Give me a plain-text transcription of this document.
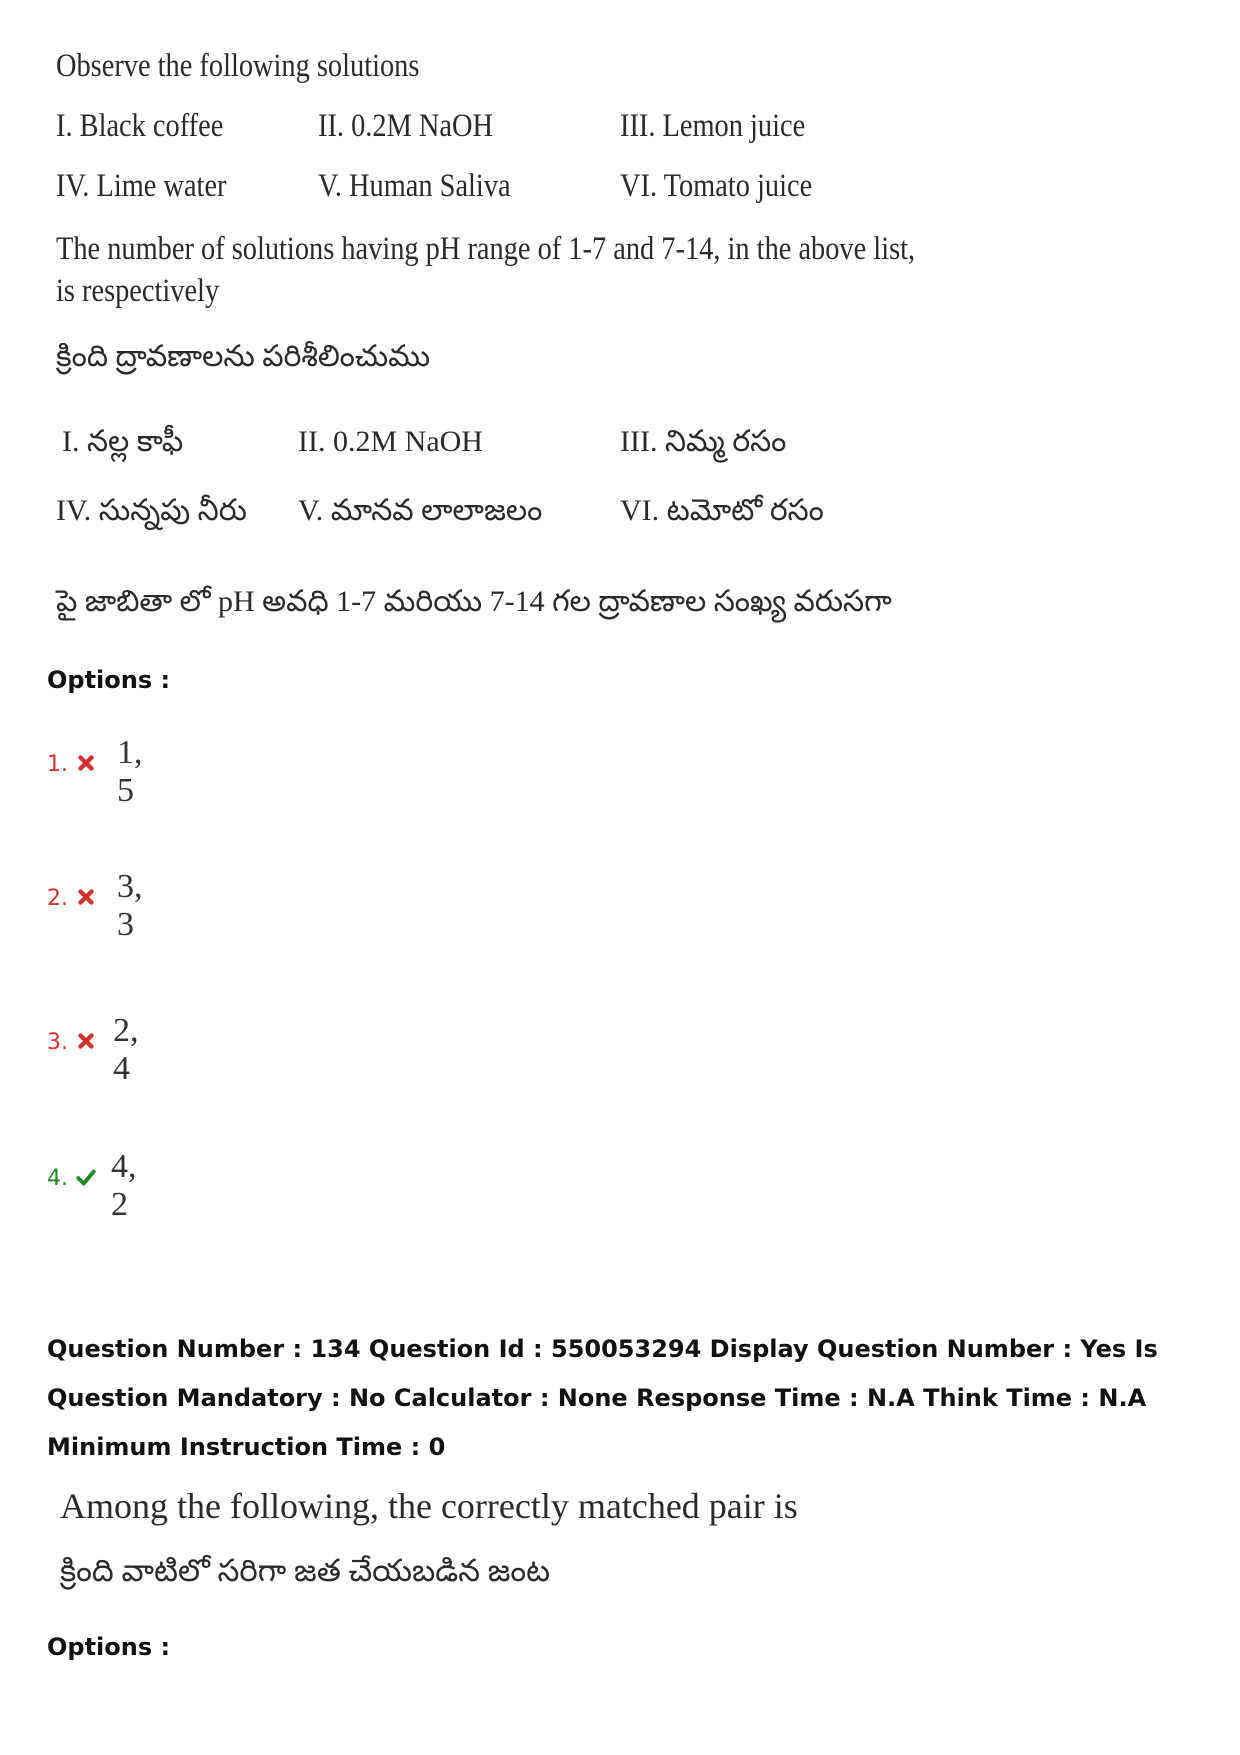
Observe the following solutions
I. Black coffee	II. 0.2M NaOH	III. Lemon juice
IV. Lime water	V. Human Saliva	VI. Tomato juice
The number of solutions having pH range of 1-7 and 7-14, in the above list, is respectively
క్రింది ద్రావణాలను పరిశీలించుము
I. నల్ల కాఫీ	II. 0.2M NaOH	III. నిమ్మ రసం
IV. సున్నపు నీరు V. మానవ లాలాజలం	VI. టమోటో రసం
పై జాబితా లో pH అవధి 1-7 మరియు 7-14 గల ద్రావణాల సంఖ్య వరుసగా
Options :
1. 1, 5
2. 3, 3
3. 2, 4
4. 4, 2
Question Number : 134 Question Id : 550053294 Display Question Number : Yes Is Question Mandatory : No Calculator : None Response Time : N.A Think Time : N.A Minimum Instruction Time : 0
Among the following, the correctly matched pair is
క్రింది వాటిలో సరిగా జత చేయబడిన జంట
Options :
